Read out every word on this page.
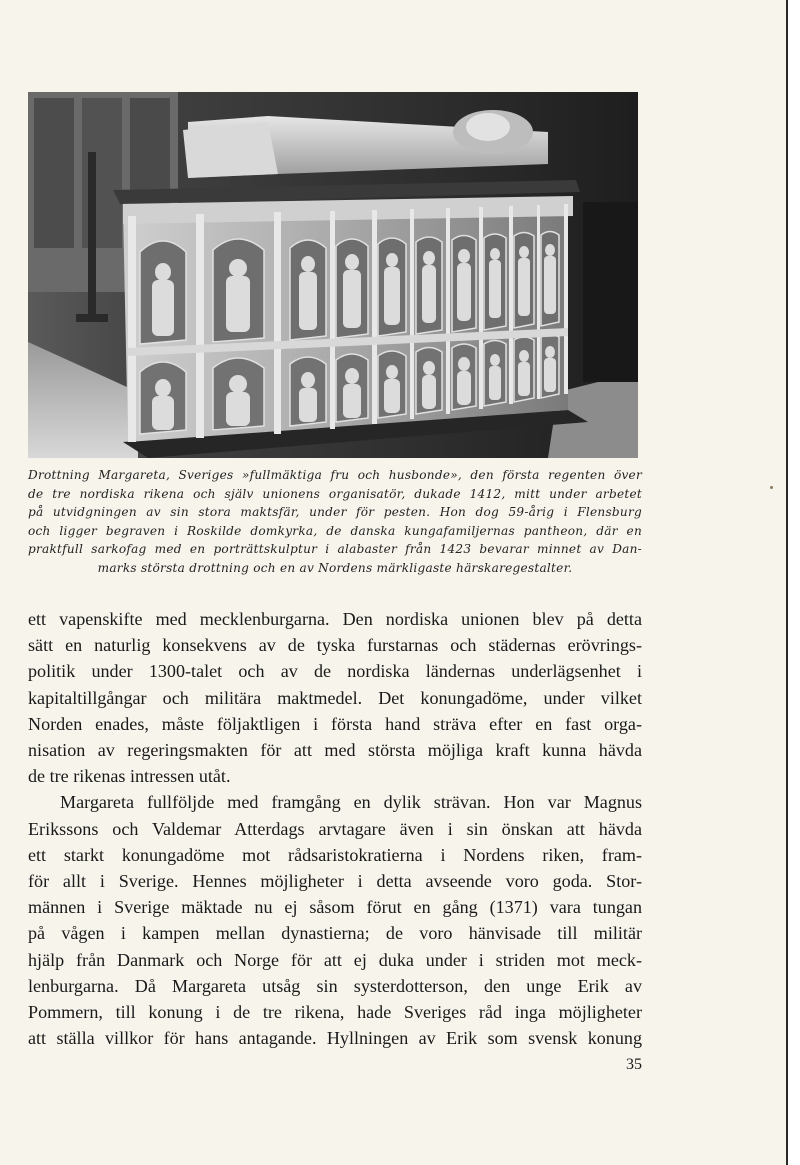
Drottning Margareta, Sveriges »fullmäktiga fru och husbonde», den första regenten över
de tre nordiska rikena och själv unionens organisatör, dukade 1412, mitt under arbetet
på utvidgningen av sin stora maktsfär, under för pesten. Hon dog 59-årig i Flensburg
och ligger begraven i Roskilde domkyrka, de danska kungafamiljernas pantheon, där en
praktfull sarkofag med en porträttskulptur i alabaster från 1423 bevarar minnet av Dan-
marks största drottning och en av Nordens märkligaste härskaregestalter.
ett vapenskifte med mecklenburgarna. Den nordiska unionen blev på detta
sätt en naturlig konsekvens av de tyska furstarnas och städernas erövrings-
politik under 1300-talet och av de nordiska ländernas underlägsenhet i
kapitaltillgångar och militära maktmedel. Det konungadöme, under vilket
Norden enades, måste följaktligen i första hand sträva efter en fast orga-
nisation av regeringsmakten för att med största möjliga kraft kunna hävda
de tre rikenas intressen utåt.
Margareta fullföljde med framgång en dylik strävan. Hon var Magnus
Erikssons och Valdemar Atterdags arvtagare även i sin önskan att hävda
ett starkt konungadöme mot rådsaristokratierna i Nordens riken, fram-
för allt i Sverige. Hennes möjligheter i detta avseende voro goda. Stor-
männen i Sverige mäktade nu ej såsom förut en gång (1371) vara tungan
på vågen i kampen mellan dynastierna; de voro hänvisade till militär
hjälp från Danmark och Norge för att ej duka under i striden mot meck-
lenburgarna. Då Margareta utsåg sin systerdotterson, den unge Erik av
Pommern, till konung i de tre rikena, hade Sveriges råd inga möjligheter
att ställa villkor för hans antagande. Hyllningen av Erik som svensk konung
35
